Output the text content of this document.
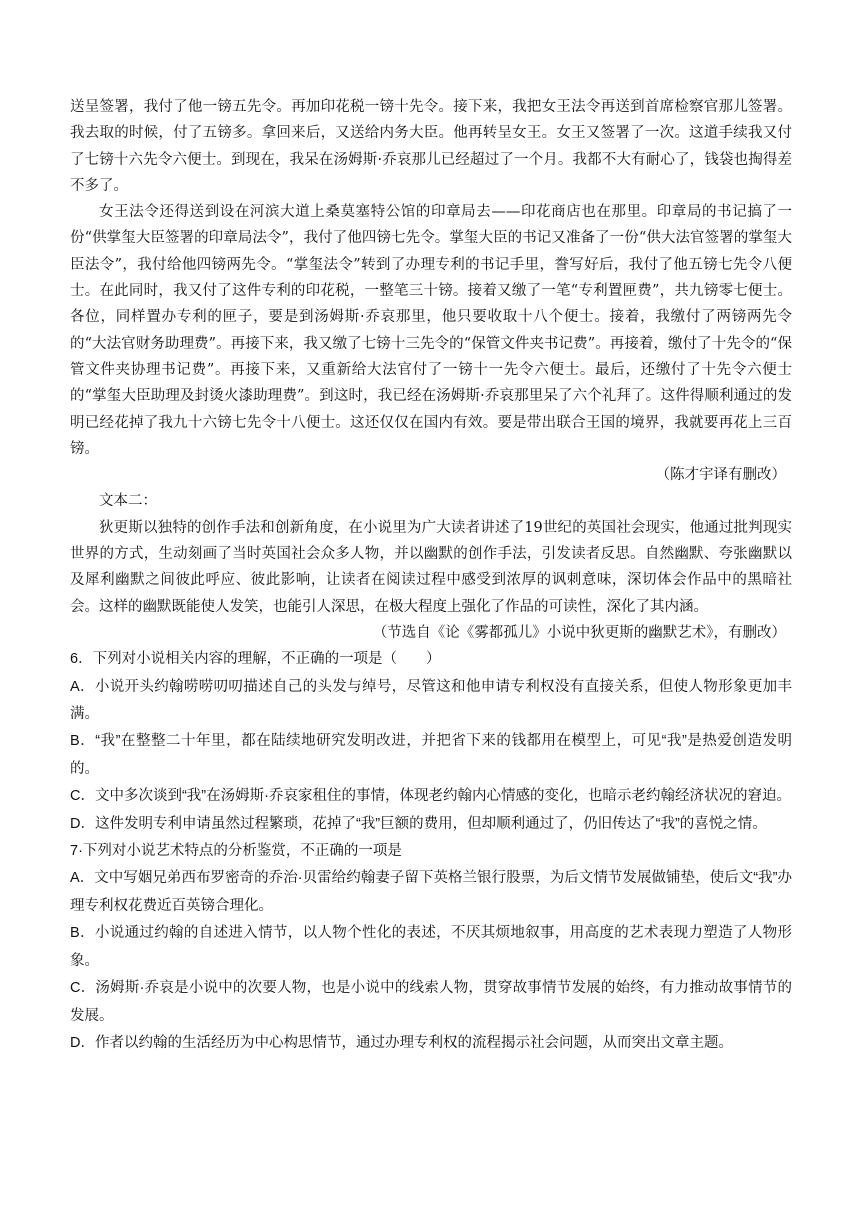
送呈签署，我付了他一镑五先令。再加印花税一镑十先令。接下来，我把女王法令再送到首席检察官那儿签署。我去取的时候，付了五镑多。拿回来后，又送给内务大臣。他再转呈女王。女王又签署了一次。这道手续我又付了七镑十六先令六便士。到现在，我呆在汤姆斯·乔哀那儿已经超过了一个月。我都不大有耐心了，钱袋也掏得差不多了。

女王法令还得送到设在河滨大道上桑莫塞特公馆的印章局去——印花商店也在那里。印章局的书记搞了一份“供掌玺大臣签署的印章局法令”，我付了他四镑七先令。掌玺大臣的书记又准备了一份“供大法官签署的掌玺大臣法令”，我付给他四镑两先令。“掌玺法令”转到了办理专利的书记手里，誊写好后，我付了他五镑七先令八便士。在此同时，我又付了这件专利的印花税，一整笔三十镑。接着又缴了一笔“专利置匣费”，共九镑零七便士。各位，同样置办专利的匣子，要是到汤姆斯·乔哀那里，他只要收取十八个便士。接着，我缴付了两镑两先令的“大法官财务助理费”。再接下来，我又缴了七镑十三先令的“保管文件夹书记费”。再接着，缴付了十先令的“保管文件夹协理书记费”。再接下来，又重新给大法官付了一镑十一先令六便士。最后，还缴付了十先令六便士的“掌玺大臣助理及封烫火漆助理费”。到这时，我已经在汤姆斯·乔哀那里呆了六个礼拜了。这件得顺利通过的发明已经花掉了我九十六镑七先令十八便士。这还仅仅在国内有效。要是带出联合王国的境界，我就要再花上三百镑。

（陈才宇译有删改）

文本二：

狄更斯以独特的创作手法和创新角度，在小说里为广大读者讲述了19世纪的英国社会现实，他通过批判现实世界的方式，生动刻画了当时英国社会众多人物，并以幽默的创作手法，引发读者反思。自然幽默、夸张幽默以及犀利幽默之间彼此呼应、彼此影响，让读者在阅读过程中感受到浓厚的讽刺意味，深切体会作品中的黑暗社会。这样的幽默既能使人发笑，也能引人深思，在极大程度上强化了作品的可读性，深化了其内涵。

（节选自《论《雾都孤儿》小说中狄更斯的幽默艺术》，有删改）

6．下列对小说相关内容的理解，不正确的一项是（　　）

A．小说开头约翰唠唠叨叨描述自己的头发与绰号，尽管这和他申请专利权没有直接关系，但使人物形象更加丰满。

B．“我”在整整二十年里，都在陆续地研究发明改进，并把省下来的钱都用在模型上，可见“我”是热爱创造发明的。

C．文中多次谈到“我”在汤姆斯·乔哀家租住的事情，体现老约翰内心情感的变化，也暗示老约翰经济状况的窘迫。

D．这件发明专利申请虽然过程繁琐，花掉了“我”巨额的费用，但却顺利通过了，仍旧传达了“我”的喜悦之情。

7·下列对小说艺术特点的分析鉴赏，不正确的一项是

A．文中写姻兄弟西布罗密奇的乔治·贝雷给约翰妻子留下英格兰银行股票，为后文情节发展做铺垫，使后文“我”办理专利权花费近百英镑合理化。

B．小说通过约翰的自述进入情节，以人物个性化的表述，不厌其烦地叙事，用高度的艺术表现力塑造了人物形象。

C．汤姆斯·乔哀是小说中的次要人物，也是小说中的线索人物，贯穿故事情节发展的始终，有力推动故事情节的发展。

D．作者以约翰的生活经历为中心构思情节，通过办理专利权的流程揭示社会问题，从而突出文章主题。
